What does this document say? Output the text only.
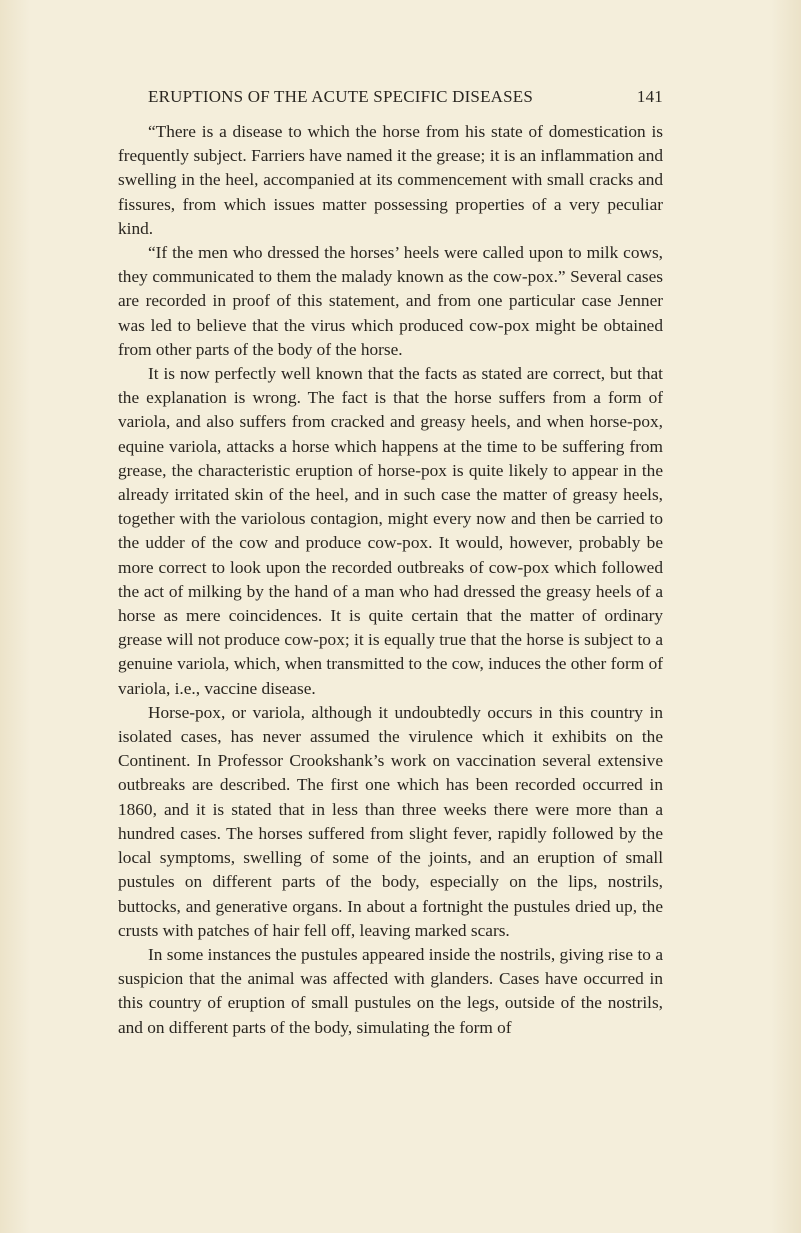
ERUPTIONS OF THE ACUTE SPECIFIC DISEASES	141

“There is a disease to which the horse from his state of domestication is frequently subject. Farriers have named it the grease; it is an inflammation and swelling in the heel, accompanied at its commencement with small cracks and fissures, from which issues matter possessing properties of a very peculiar kind.

“If the men who dressed the horses’ heels were called upon to milk cows, they communicated to them the malady known as the cow-pox.” Several cases are recorded in proof of this statement, and from one particular case Jenner was led to believe that the virus which produced cow-pox might be obtained from other parts of the body of the horse.

It is now perfectly well known that the facts as stated are correct, but that the explanation is wrong. The fact is that the horse suffers from a form of variola, and also suffers from cracked and greasy heels, and when horse-pox, equine variola, attacks a horse which happens at the time to be suffering from grease, the characteristic eruption of horse-pox is quite likely to appear in the already irritated skin of the heel, and in such case the matter of greasy heels, together with the variolous contagion, might every now and then be carried to the udder of the cow and produce cow-pox. It would, however, probably be more correct to look upon the recorded outbreaks of cow-pox which followed the act of milking by the hand of a man who had dressed the greasy heels of a horse as mere coincidences. It is quite certain that the matter of ordinary grease will not produce cow-pox; it is equally true that the horse is subject to a genuine variola, which, when transmitted to the cow, induces the other form of variola, i.e., vaccine disease.

Horse-pox, or variola, although it undoubtedly occurs in this country in isolated cases, has never assumed the virulence which it exhibits on the Continent. In Professor Crookshank’s work on vaccination several extensive outbreaks are described. The first one which has been recorded occurred in 1860, and it is stated that in less than three weeks there were more than a hundred cases. The horses suffered from slight fever, rapidly followed by the local symptoms, swelling of some of the joints, and an eruption of small pustules on different parts of the body, especially on the lips, nostrils, buttocks, and generative organs. In about a fortnight the pustules dried up, the crusts with patches of hair fell off, leaving marked scars.

In some instances the pustules appeared inside the nostrils, giving rise to a suspicion that the animal was affected with glanders. Cases have occurred in this country of eruption of small pustules on the legs, outside of the nostrils, and on different parts of the body, simulating the form of
